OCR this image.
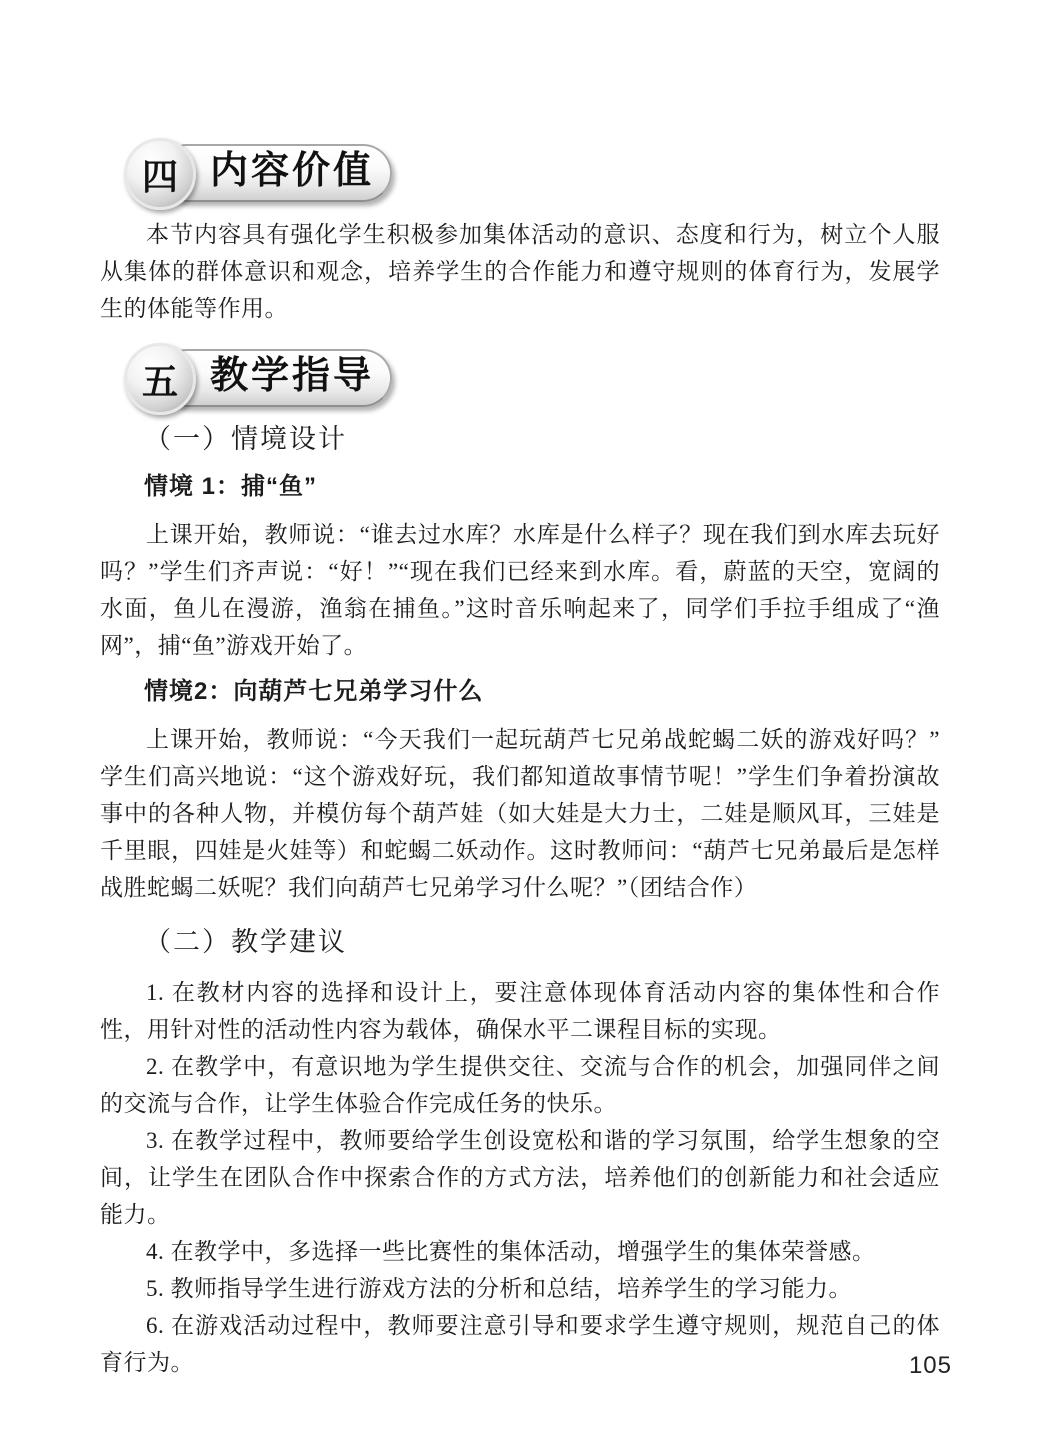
内容价值
四

本节内容具有强化学生积极参加集体活动的意识、态度和行为，树立个人服从集体的群体意识和观念，培养学生的合作能力和遵守规则的体育行为，发展学生的体能等作用。

教学指导
五
（一）情境设计
情境 1：捕“鱼”

上课开始，教师说：“谁去过水库？水库是什么样子？现在我们到水库去玩好吗？”学生们齐声说：“好！”“现在我们已经来到水库。看，蔚蓝的天空，宽阔的水面，鱼儿在漫游，渔翁在捕鱼。”这时音乐响起来了，同学们手拉手组成了“渔网”，捕“鱼”游戏开始了。

情境2：向葫芦七兄弟学习什么

上课开始，教师说：“今天我们一起玩葫芦七兄弟战蛇蝎二妖的游戏好吗？”学生们高兴地说：“这个游戏好玩，我们都知道故事情节呢！”学生们争着扮演故事中的各种人物，并模仿每个葫芦娃（如大娃是大力士，二娃是顺风耳，三娃是千里眼，四娃是火娃等）和蛇蝎二妖动作。这时教师问：“葫芦七兄弟最后是怎样战胜蛇蝎二妖呢？我们向葫芦七兄弟学习什么呢？”（团结合作）

（二）教学建议

1. 在教材内容的选择和设计上，要注意体现体育活动内容的集体性和合作性，用针对性的活动性内容为载体，确保水平二课程目标的实现。

2. 在教学中，有意识地为学生提供交往、交流与合作的机会，加强同伴之间的交流与合作，让学生体验合作完成任务的快乐。

3. 在教学过程中，教师要给学生创设宽松和谐的学习氛围，给学生想象的空间，让学生在团队合作中探索合作的方式方法，培养他们的创新能力和社会适应能力。

4. 在教学中，多选择一些比赛性的集体活动，增强学生的集体荣誉感。

5. 教师指导学生进行游戏方法的分析和总结，培养学生的学习能力。

6. 在游戏活动过程中，教师要注意引导和要求学生遵守规则，规范自己的体育行为。	105
